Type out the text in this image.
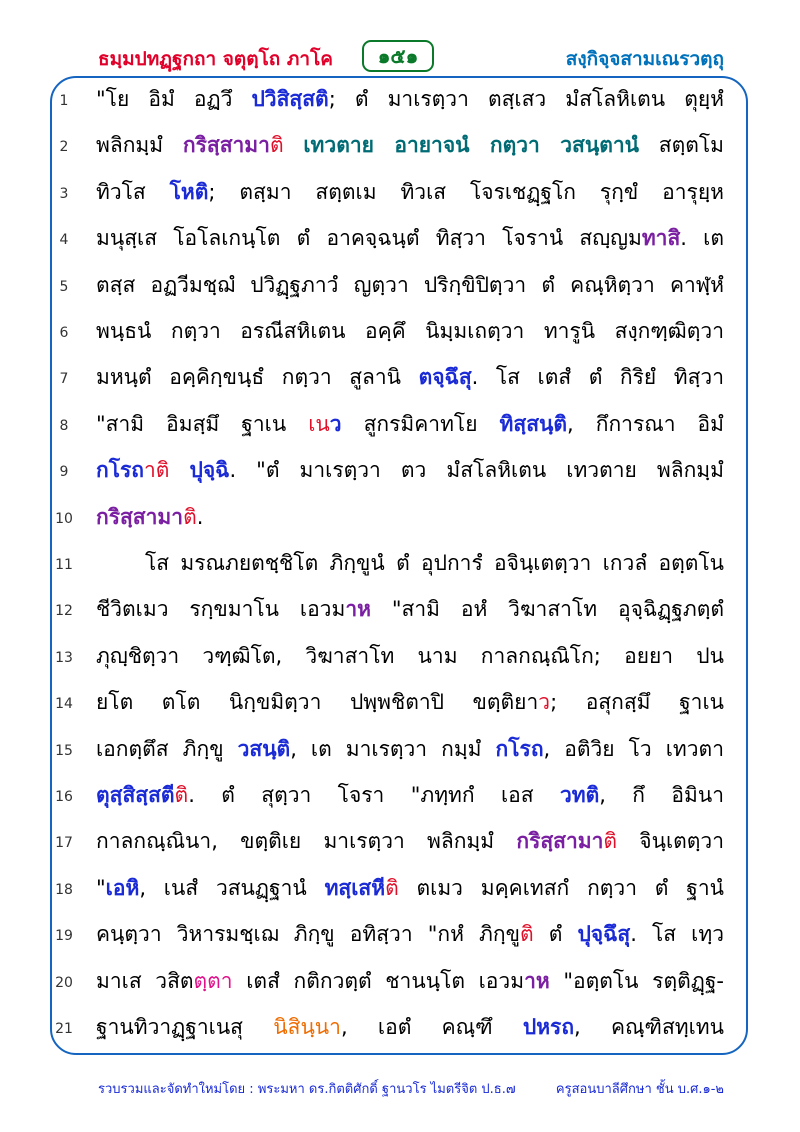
ธมฺมปทฏฺฐกถา จตุตฺโถ ภาโค	๑๕๑	สงฺกิจฺจสามเณรวตฺถุ
1	"โย อิมํ อฏวึ ปวิสิสฺสติ; ตํ มาเรตฺวา ตสฺเสว มํสโลหิเตน ตุยฺหํ
2	พลิกมฺมํ กริสฺสามาติ เทวตาย อายาจนํ กตฺวา วสนฺตานํ สตฺตโม
3	ทิวโส โหติ; ตสฺมา สตฺตเม ทิวเส โจรเชฏฺฐโก รุกฺขํ อารุยฺห
4	มนุสฺเส โอโลเกนฺโต ตํ อาคจฺฉนฺตํ ทิสฺวา โจรานํ สญฺญมทาสิ. เต
5	ตสฺส อฏวีมชฺฌํ ปวิฏฺฐภาวํ ญตฺวา ปริกฺขิปิตฺวา ตํ คณฺหิตฺวา คาฬฺหํ
6	พนฺธนํ กตฺวา อรณีสหิเตน อคฺคึ นิมฺมเถตฺวา ทารูนิ สงฺกฑฺฒิตฺวา
7	มหนฺตํ อคฺคิกฺขนฺธํ กตฺวา สูลานิ ตจฺฉึสุ. โส เตสํ ตํ กิริยํ ทิสฺวา
8	"สามิ อิมสฺมึ ฐาเน เนว สูกรมิคาทโย ทิสฺสนฺติ, กึการณา อิมํ
9	กโรถาติ ปุจฺฉิ. "ตํ มาเรตฺวา ตว มํสโลหิเตน เทวตาย พลิกมฺมํ
10	กริสฺสามาติ.
11	โส มรณภยตชฺชิโต ภิกฺขูนํ ตํ อุปการํ อจินฺเตตฺวา เกวลํ อตฺตโน
12	ชีวิตเมว รกฺขมาโน เอวมาห "สามิ อหํ วิฆาสาโท อุจฺฉิฏฺฐภตฺตํ
13	ภุญฺชิตฺวา วฑฺฒิโต, วิฆาสาโท นาม กาลกณฺณิโก; อยยา ปน
14	ยโต ตโต นิกฺขมิตฺวา ปพฺพชิตาปิ ขตฺติยาว; อสุกสฺมึ ฐาเน
15	เอกตฺตึส ภิกฺขู วสนฺติ, เต มาเรตฺวา กมฺมํ กโรถ, อติวิย โว เทวตา
16	ตุสฺสิสฺสตีติ. ตํ สุตฺวา โจรา "ภทฺทกํ เอส วทติ, กึ อิมินา
17	กาลกณฺณินา, ขตฺติเย มาเรตฺวา พลิกมฺมํ กริสฺสามาติ จินฺเตตฺวา
18	"เอหิ, เนสํ วสนฏฺฐานํ ทสฺเสหีติ ตเมว มคฺคเทสกํ กตฺวา ตํ ฐานํ
19	คนฺตฺวา วิหารมชฺเฌ ภิกฺขู อทิสฺวา "กหํ ภิกฺขูติ ตํ ปุจฺฉึสุ. โส เทฺว
20	มาเส วสิตตฺตา เตสํ กติกวตฺตํ ชานนฺโต เอวมาห "อตฺตโน รตฺติฏฺฐ-
21	ฐานทิวาฏฺฐาเนสุ นิสินฺนา, เอตํ คณฺฑึ ปหรถ, คณฺฑิสทฺเทน
รวบรวมและจัดทำใหม่โดย : พระมหา ดร.กิตติศักดิ์ ฐานวโร ไมตรีจิต ป.ธ.๗	ครูสอนบาลีศึกษา ชั้น บ.ศ.๑-๒
